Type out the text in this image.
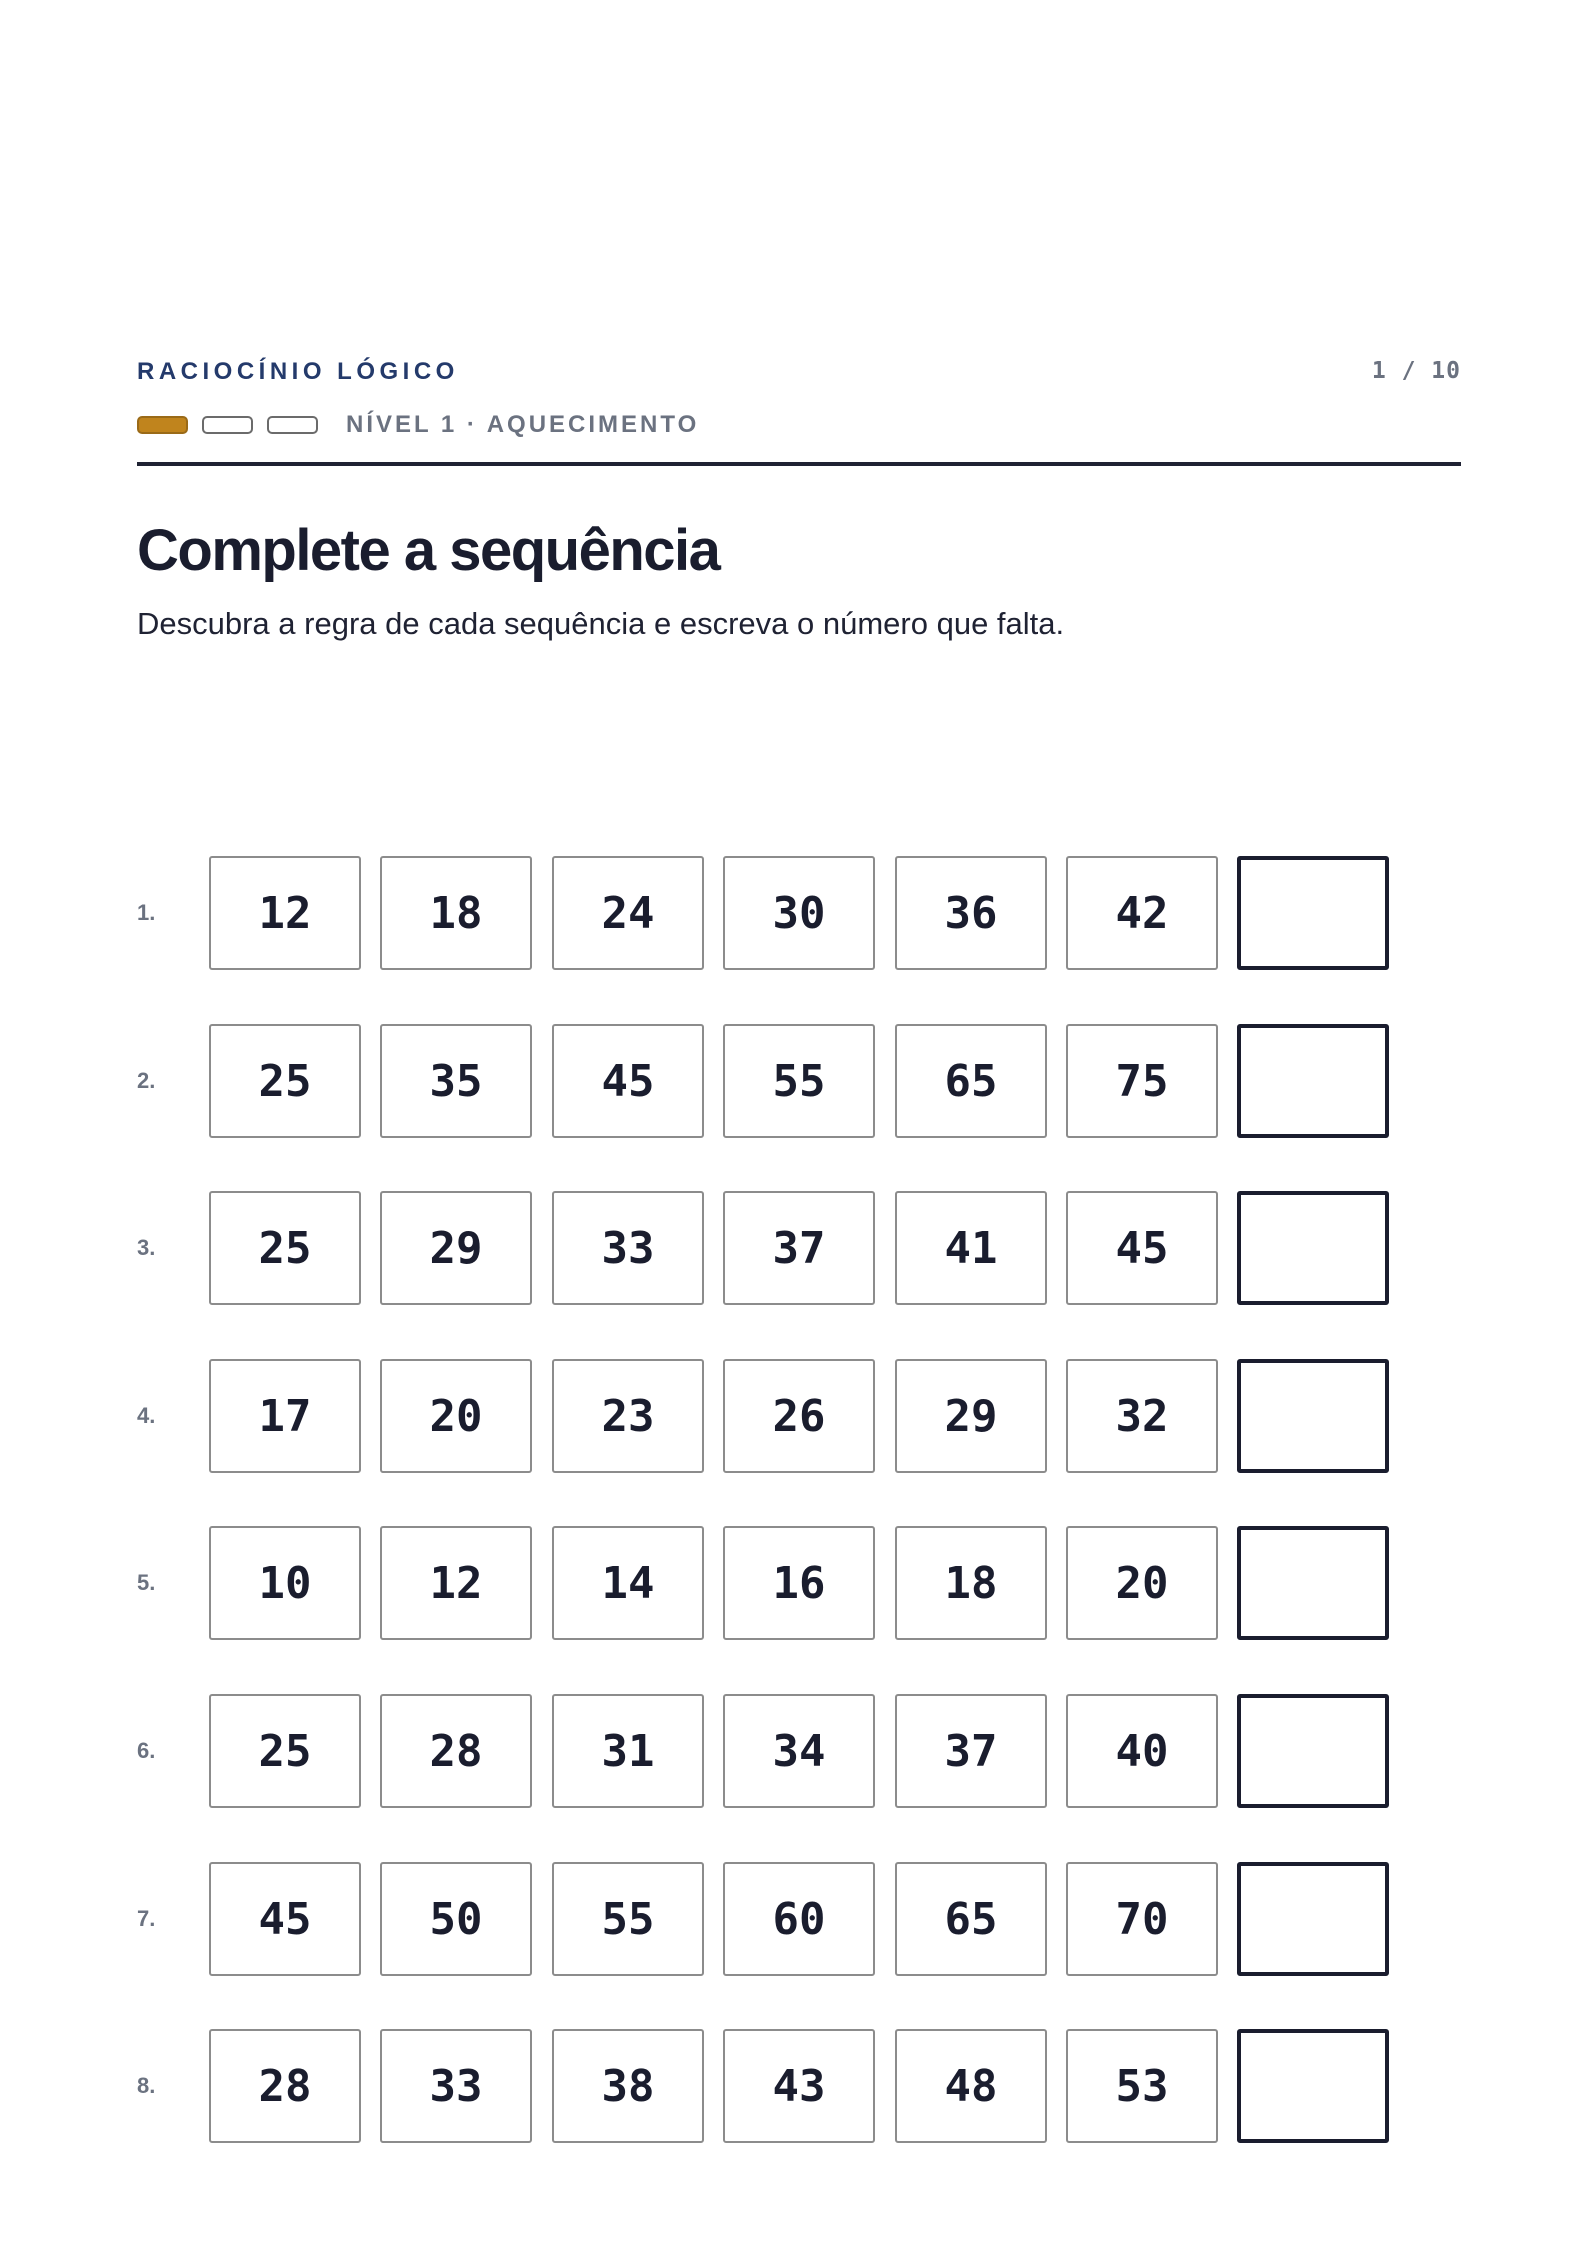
RACIOCÍNIO LÓGICO	1 / 10
NÍVEL 1 · AQUECIMENTO
Complete a sequência
Descubra a regra de cada sequência e escreva o número que falta.
1.	12	18	24	30	36	42
2.	25	35	45	55	65	75
3.	25	29	33	37	41	45
4.	17	20	23	26	29	32
5.	10	12	14	16	18	20
6.	25	28	31	34	37	40
7.	45	50	55	60	65	70
8.	28	33	38	43	48	53
